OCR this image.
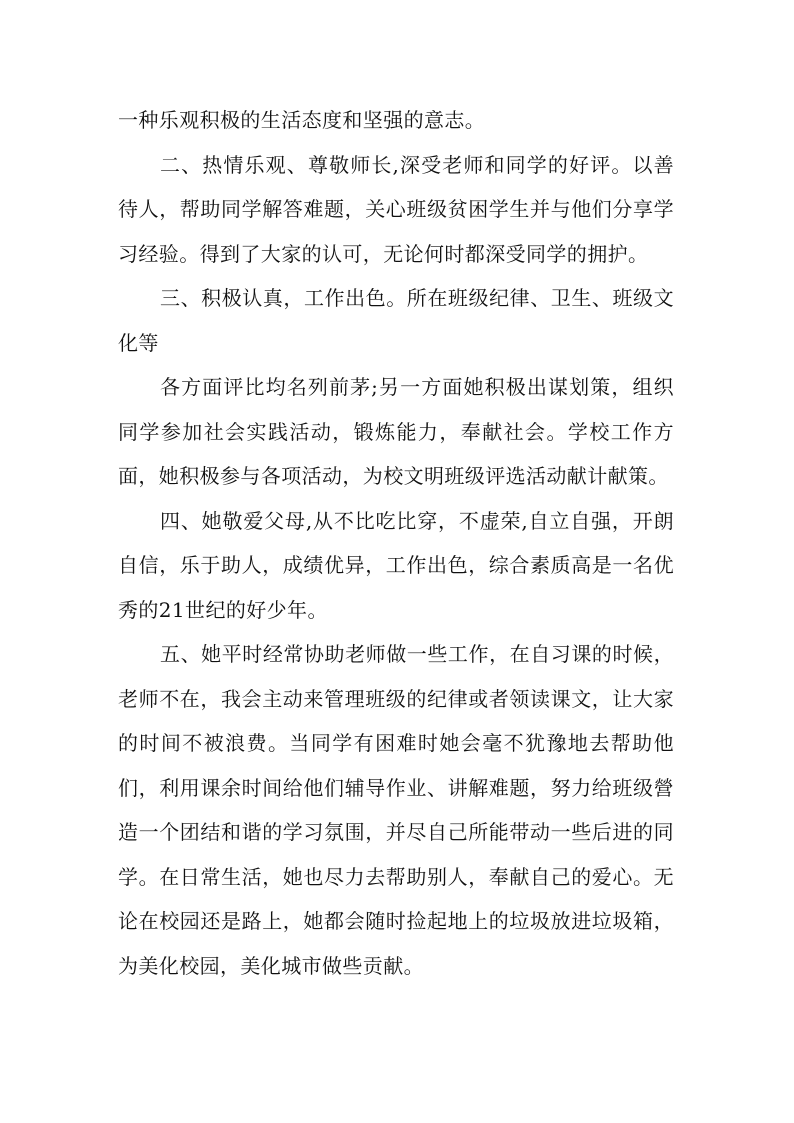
一种乐观积极的生活态度和坚强的意志。

二、热情乐观、尊敬师长,深受老师和同学的好评。以善待人，帮助同学解答难题，关心班级贫困学生并与他们分享学习经验。得到了大家的认可，无论何时都深受同学的拥护。

三、积极认真，工作出色。所在班级纪律、卫生、班级文化等

各方面评比均名列前茅;另一方面她积极出谋划策，组织同学参加社会实践活动，锻炼能力，奉献社会。学校工作方面，她积极参与各项活动，为校文明班级评选活动献计献策。

四、她敬爱父母,从不比吃比穿，不虚荣,自立自强，开朗自信，乐于助人，成绩优异，工作出色，综合素质高是一名优秀的21世纪的好少年。

五、她平时经常协助老师做一些工作，在自习课的时候，老师不在，我会主动来管理班级的纪律或者领读课文，让大家的时间不被浪费。当同学有困难时她会毫不犹豫地去帮助他们，利用课余时间给他们辅导作业、讲解难题，努力给班级營造一个团结和谐的学习氛围，并尽自己所能带动一些后进的同学。在日常生活，她也尽力去帮助别人，奉献自己的爱心。无论在校园还是路上，她都会随时捡起地上的垃圾放进垃圾箱，为美化校园，美化城市做些贡献。
